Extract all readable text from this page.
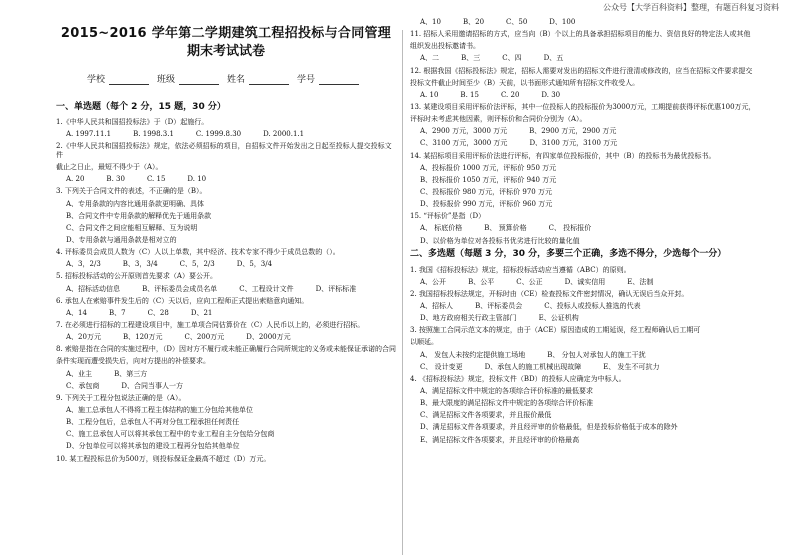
公众号【大学百科资料】整理，有题百科复习资料
2015~2016 学年第二学期建筑工程招投标与合同管理
期末考试试卷
学校	班级	姓名	学号
一、单选题（每个 2 分，15 题，30 分）
1.《中华人民共和国招投标法》于（D）起施行。
A. 1997.11.1	B. 1998.3.1	C. 1999.8.30	D. 2000.1.1
2.《中华人民共和国招投标法》规定，依法必须招标的项目，自招标文件开始发出之日起至投标人提交投标文件
截止之日止，最短不得少于（A）。
A. 20	B. 30	C. 15	D. 10
3. 下列关于合同文件的表述，不正确的是（B）。
A、专用条款的内容比通用条款更明确、具体
B、合同文件中专用条款的解释优先于通用条款
C、合同文件之间应能相互解释、互为说明
D、专用条款与通用条款是相对立的
4. 评标委员会成员人数为（C）人以上单数，其中经济、技术专家不得少于成员总数的（）。
A、3，2/3	B、3，3/4	C、5，2/3	D、5，3/4
5. 招标投标活动的公开原则首先要求（A）要公开。
A、招标活动信息	B、评标委员会成员名单	C、工程设计文件	D、评标标准
6. 承包人在索赔事件发生后的（C）天以后，应向工程师正式提出索赔意向通知。
A、14	B、7	C、28	D、21
7. 在必须进行招标的工程建设项目中，施工单项合同估算价在（C）人民币以上的，必须进行招标。
A、20万元	B、120万元	C、200万元	D、2000万元
8. 索赔是指在合同的实施过程中，（D）因对方不履行或未能正确履行合同所规定的义务或未能保证承诺的合同
条件实现而遭受损失后，向对方提出的补偿要求。
A、业主	B、第三方
C、承包商	D、合同当事人一方
9. 下列关于工程分包说法正确的是（A）。
A、施工总承包人不得将工程主体结构的施工分包给其他单位
B、工程分包后，总承包人不再对分包工程承担任何责任
C、施工总承包人可以将其承包工程中的专业工程自主分包给分包商
D、分包单位可以将其承包的建设工程再分包给其他单位
10. 某工程投标总价为500万，则投标保证金最高不超过（D）万元。
A、10	B、20	C、50	D、100
11. 招标人采用邀请招标的方式，应当向（B）个以上的具备承担招标项目的能力、资信良好的特定法人或其他
组织发出投标邀请书。
A、二	B、三	C、四	D、五
12. 根据我国《招标投标法》规定，招标人需要对发出的招标文件进行澄清或修改的，应当在招标文件要求提交
投标文件截止时间至少（B）天前，以书面形式通知所有招标文件收受人。
A. 10	B. 15	C. 20	D. 30
13. 某建设项目采用评标价法评标，其中一位投标人的投标报价为3000万元，工期提前获得评标优惠100万元，
评标时未考虑其他因素，则评标价和合同价分别为（A）。
A、2900 万元，3000 万元	B、2900 万元，2900 万元
C、3100 万元，3000 万元	D、3100 万元，3100 万元
14. 某招标项目采用评标价法进行评标，有四家单位投标报价，其中（B）的投标书为最优投标书。
A、投标报价 1000 万元，评标价 950 万元
B、投标报价 1050 万元，评标价 940 万元
C、投标报价 980 万元，评标价 970 万元
D、投标报价 990 万元，评标价 960 万元
15. “评标价”是指（D）
A、 标底价格	B、 预算价格	C、 投标报价
D、以价格为单位对各投标书优劣进行比较的量化值
二、多选题（每题 3 分，30 分，多要三个正确，多选不得分，少选每个一分）
1. 我国《招标投标法》规定，招标投标活动应当遵循（ABC）的原则。
A、公开	B、公平	C、公正	D、诚实信用	E、法制
2. 我国招标投标法规定，开标时由（CE）检查投标文件密封情况，确认无误后当众开封。
A、招标人	B、评标委员会	C、投标人或投标人推选的代表
D、地方政府相关行政主管部门	E、公证机构
3. 按照施工合同示范文本的规定，由于（ACE）原因造成的工期延误，经工程师确认后工期可
以顺延。
A、 发包人未按约定提供施工场地	B、 分包人对承包人的施工干扰
C、 设计变更	D、承包人的施工机械出现故障	E、 发生不可抗力
4. 《招标投标法》规定，投标文件（BD）的投标人应确定为中标人。
A、满足招标文件中规定的各项综合评价标准的最低要求
B、最大限度的满足招标文件中规定的各项综合评价标准
C、满足招标文件各项要求，并且报价最低
D、满足招标文件各项要求，并且经评审的价格最低，但是投标价格低于成本的除外
E、满足招标文件各项要求，并且经评审的价格最高
